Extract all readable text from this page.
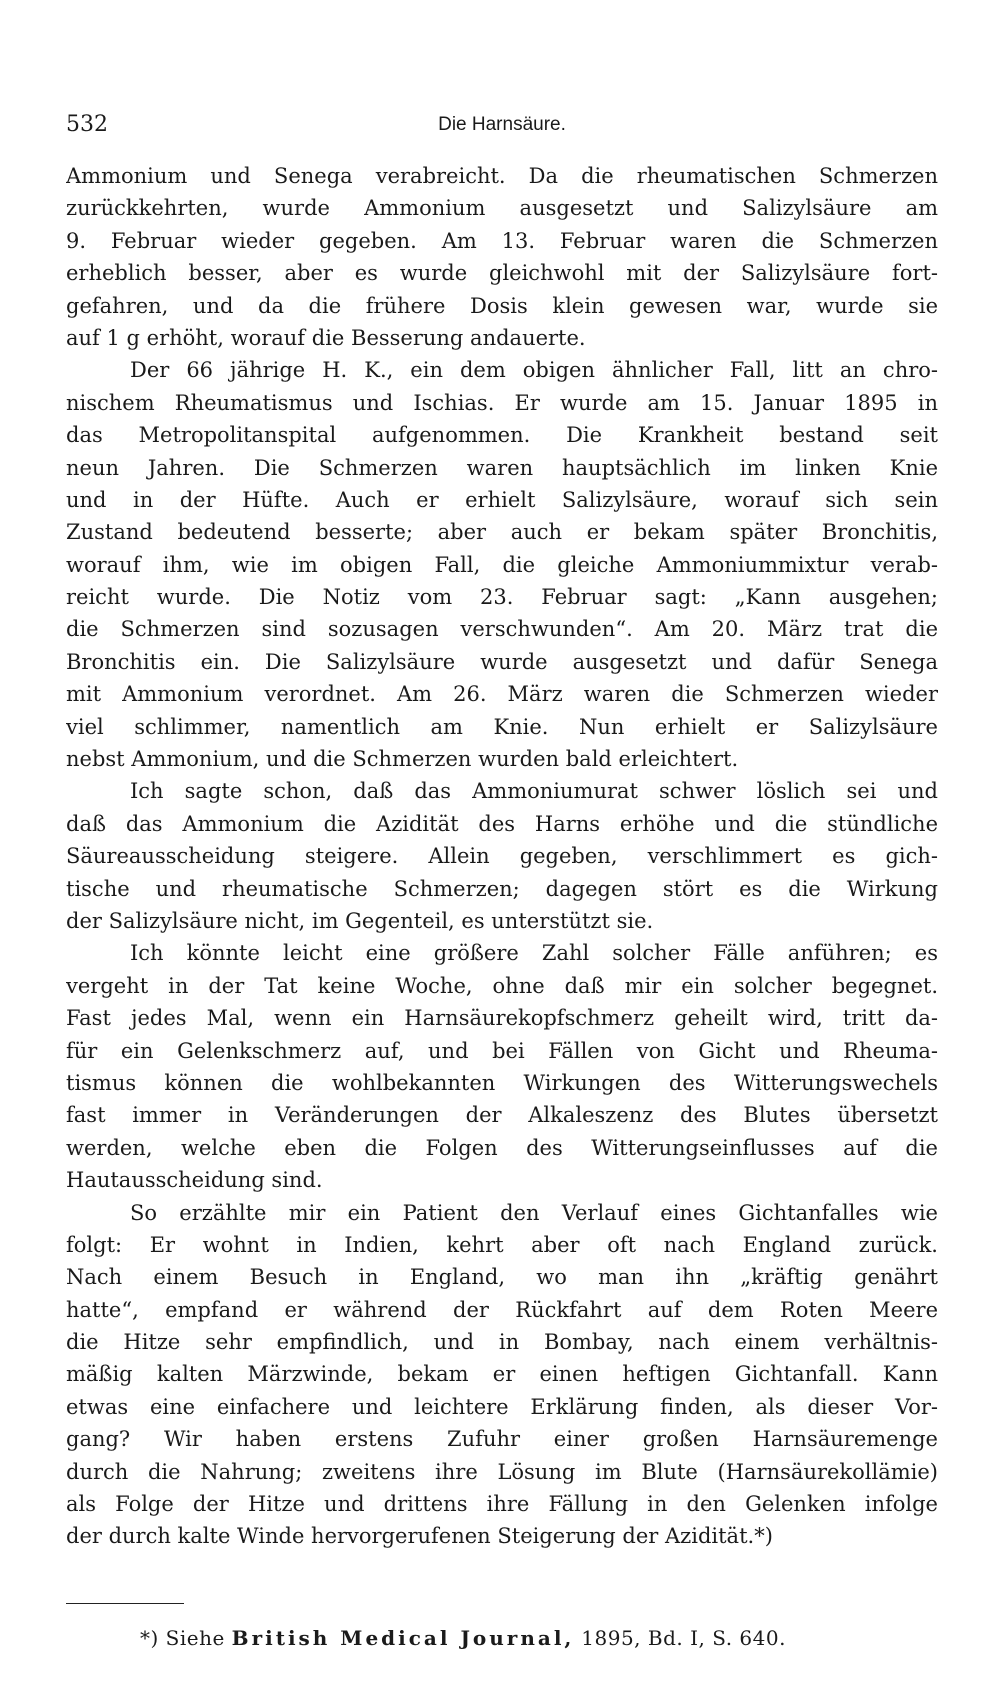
532	Die Harnsäure.
Ammonium und Senega verabreicht. Da die rheumatischen Schmerzen
zurückkehrten, wurde Ammonium ausgesetzt und Salizylsäure am
9. Februar wieder gegeben. Am 13. Februar waren die Schmerzen
erheblich besser, aber es wurde gleichwohl mit der Salizylsäure fort-
gefahren, und da die frühere Dosis klein gewesen war, wurde sie
auf 1 g erhöht, worauf die Besserung andauerte.
Der 66 jährige H. K., ein dem obigen ähnlicher Fall, litt an chro-
nischem Rheumatismus und Ischias. Er wurde am 15. Januar 1895 in
das Metropolitanspital aufgenommen. Die Krankheit bestand seit
neun Jahren. Die Schmerzen waren hauptsächlich im linken Knie
und in der Hüfte. Auch er erhielt Salizylsäure, worauf sich sein
Zustand bedeutend besserte; aber auch er bekam später Bronchitis,
worauf ihm, wie im obigen Fall, die gleiche Ammoniummixtur verab-
reicht wurde. Die Notiz vom 23. Februar sagt: „Kann ausgehen;
die Schmerzen sind sozusagen verschwunden“. Am 20. März trat die
Bronchitis ein. Die Salizylsäure wurde ausgesetzt und dafür Senega
mit Ammonium verordnet. Am 26. März waren die Schmerzen wieder
viel schlimmer, namentlich am Knie. Nun erhielt er Salizylsäure
nebst Ammonium, und die Schmerzen wurden bald erleichtert.
Ich sagte schon, daß das Ammoniumurat schwer löslich sei und
daß das Ammonium die Azidität des Harns erhöhe und die stündliche
Säureausscheidung steigere. Allein gegeben, verschlimmert es gich-
tische und rheumatische Schmerzen; dagegen stört es die Wirkung
der Salizylsäure nicht, im Gegenteil, es unterstützt sie.
Ich könnte leicht eine größere Zahl solcher Fälle anführen; es
vergeht in der Tat keine Woche, ohne daß mir ein solcher begegnet.
Fast jedes Mal, wenn ein Harnsäurekopfschmerz geheilt wird, tritt da-
für ein Gelenkschmerz auf, und bei Fällen von Gicht und Rheuma-
tismus können die wohlbekannten Wirkungen des Witterungswechels
fast immer in Veränderungen der Alkaleszenz des Blutes übersetzt
werden, welche eben die Folgen des Witterungseinflusses auf die
Hautausscheidung sind.
So erzählte mir ein Patient den Verlauf eines Gichtanfalles wie
folgt: Er wohnt in Indien, kehrt aber oft nach England zurück.
Nach einem Besuch in England, wo man ihn „kräftig genährt
hatte“, empfand er während der Rückfahrt auf dem Roten Meere
die Hitze sehr empfindlich, und in Bombay, nach einem verhältnis-
mäßig kalten Märzwinde, bekam er einen heftigen Gichtanfall. Kann
etwas eine einfachere und leichtere Erklärung finden, als dieser Vor-
gang? Wir haben erstens Zufuhr einer großen Harnsäuremenge
durch die Nahrung; zweitens ihre Lösung im Blute (Harnsäurekollämie)
als Folge der Hitze und drittens ihre Fällung in den Gelenken infolge
der durch kalte Winde hervorgerufenen Steigerung der Azidität.*)
*) Siehe British Medical Journal, 1895, Bd. I, S. 640.
